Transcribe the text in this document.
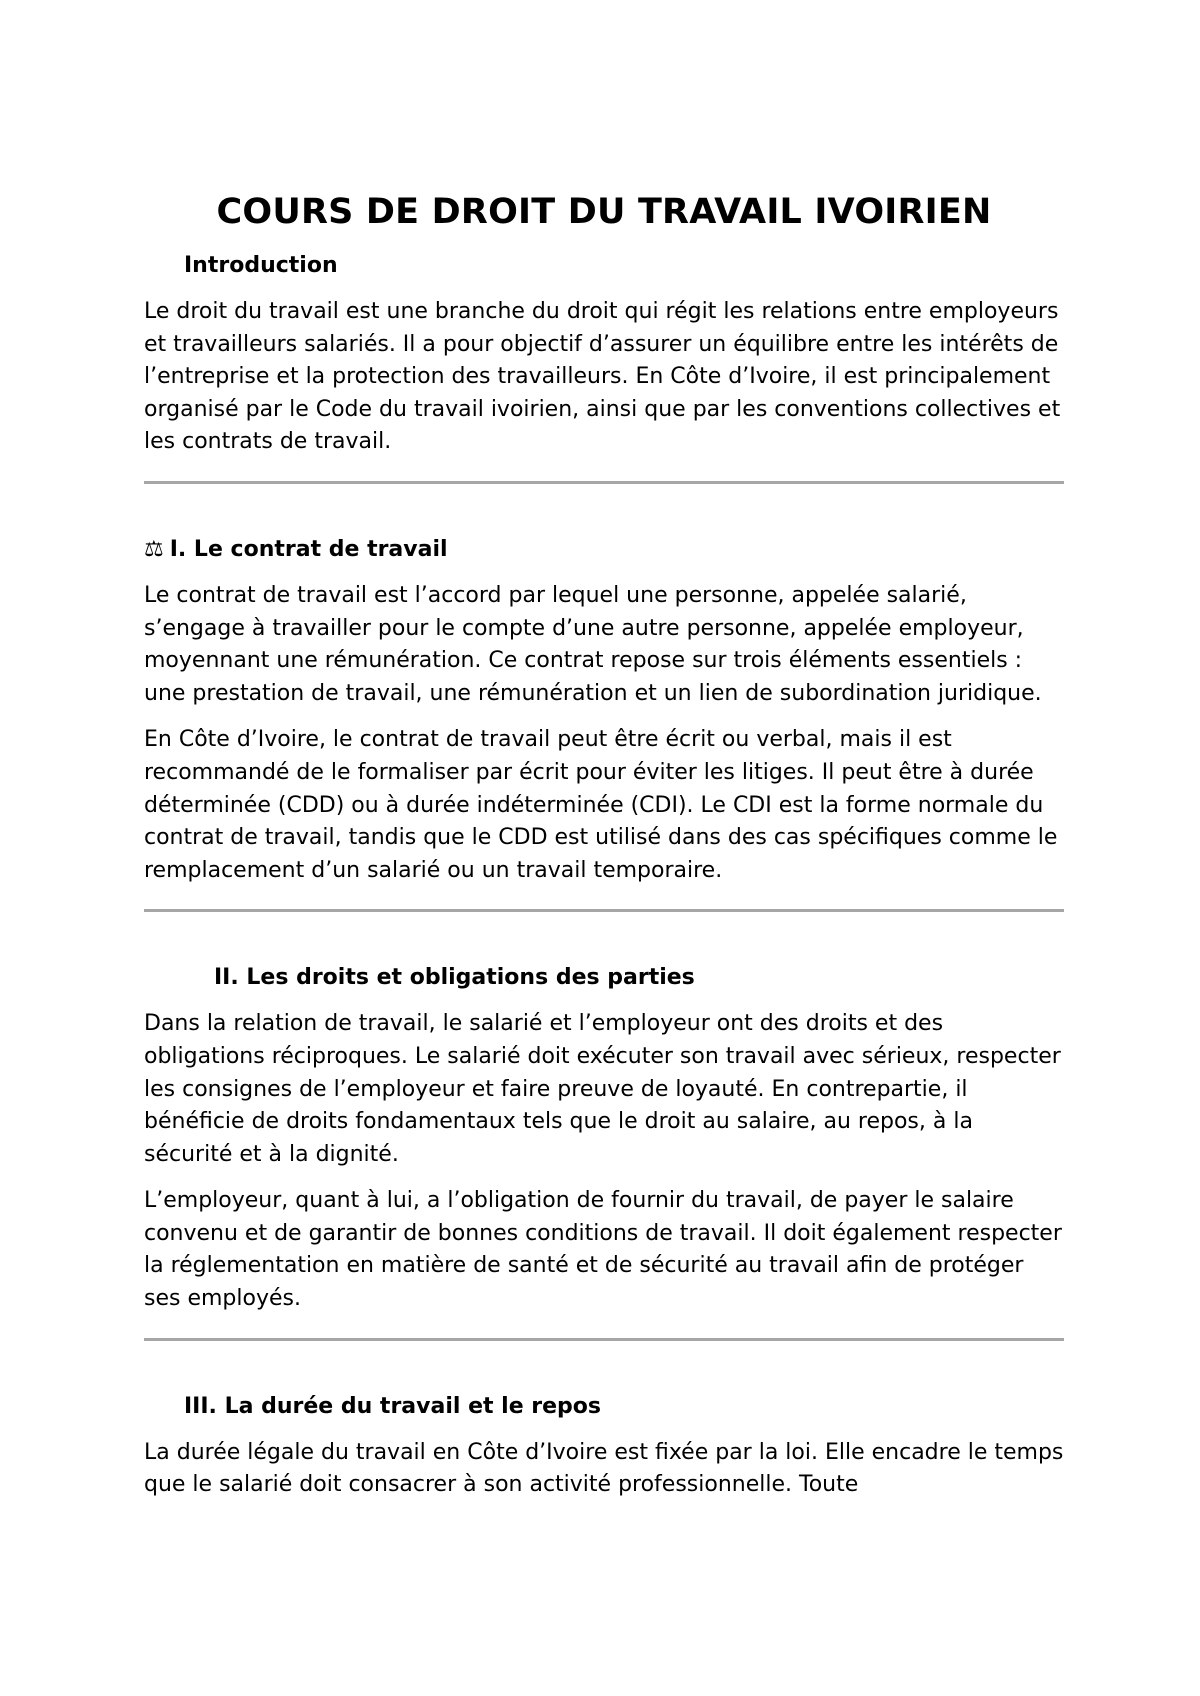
COURS DE DROIT DU TRAVAIL IVOIRIEN
Introduction

Le droit du travail est une branche du droit qui régit les relations entre employeurs et travailleurs salariés. Il a pour objectif d’assurer un équilibre entre les intérêts de l’entreprise et la protection des travailleurs. En Côte d’Ivoire, il est principalement organisé par le Code du travail ivoirien, ainsi que par les conventions collectives et les contrats de travail.

⚖ I. Le contrat de travail

Le contrat de travail est l’accord par lequel une personne, appelée salarié, s’engage à travailler pour le compte d’une autre personne, appelée employeur, moyennant une rémunération. Ce contrat repose sur trois éléments essentiels : une prestation de travail, une rémunération et un lien de subordination juridique.

En Côte d’Ivoire, le contrat de travail peut être écrit ou verbal, mais il est recommandé de le formaliser par écrit pour éviter les litiges. Il peut être à durée déterminée (CDD) ou à durée indéterminée (CDI). Le CDI est la forme normale du contrat de travail, tandis que le CDD est utilisé dans des cas spécifiques comme le remplacement d’un salarié ou un travail temporaire.

II. Les droits et obligations des parties

Dans la relation de travail, le salarié et l’employeur ont des droits et des obligations réciproques. Le salarié doit exécuter son travail avec sérieux, respecter les consignes de l’employeur et faire preuve de loyauté. En contrepartie, il bénéficie de droits fondamentaux tels que le droit au salaire, au repos, à la sécurité et à la dignité.

L’employeur, quant à lui, a l’obligation de fournir du travail, de payer le salaire convenu et de garantir de bonnes conditions de travail. Il doit également respecter la réglementation en matière de santé et de sécurité au travail afin de protéger ses employés.

III. La durée du travail et le repos

La durée légale du travail en Côte d’Ivoire est fixée par la loi. Elle encadre le temps que le salarié doit consacrer à son activité professionnelle. Toute
